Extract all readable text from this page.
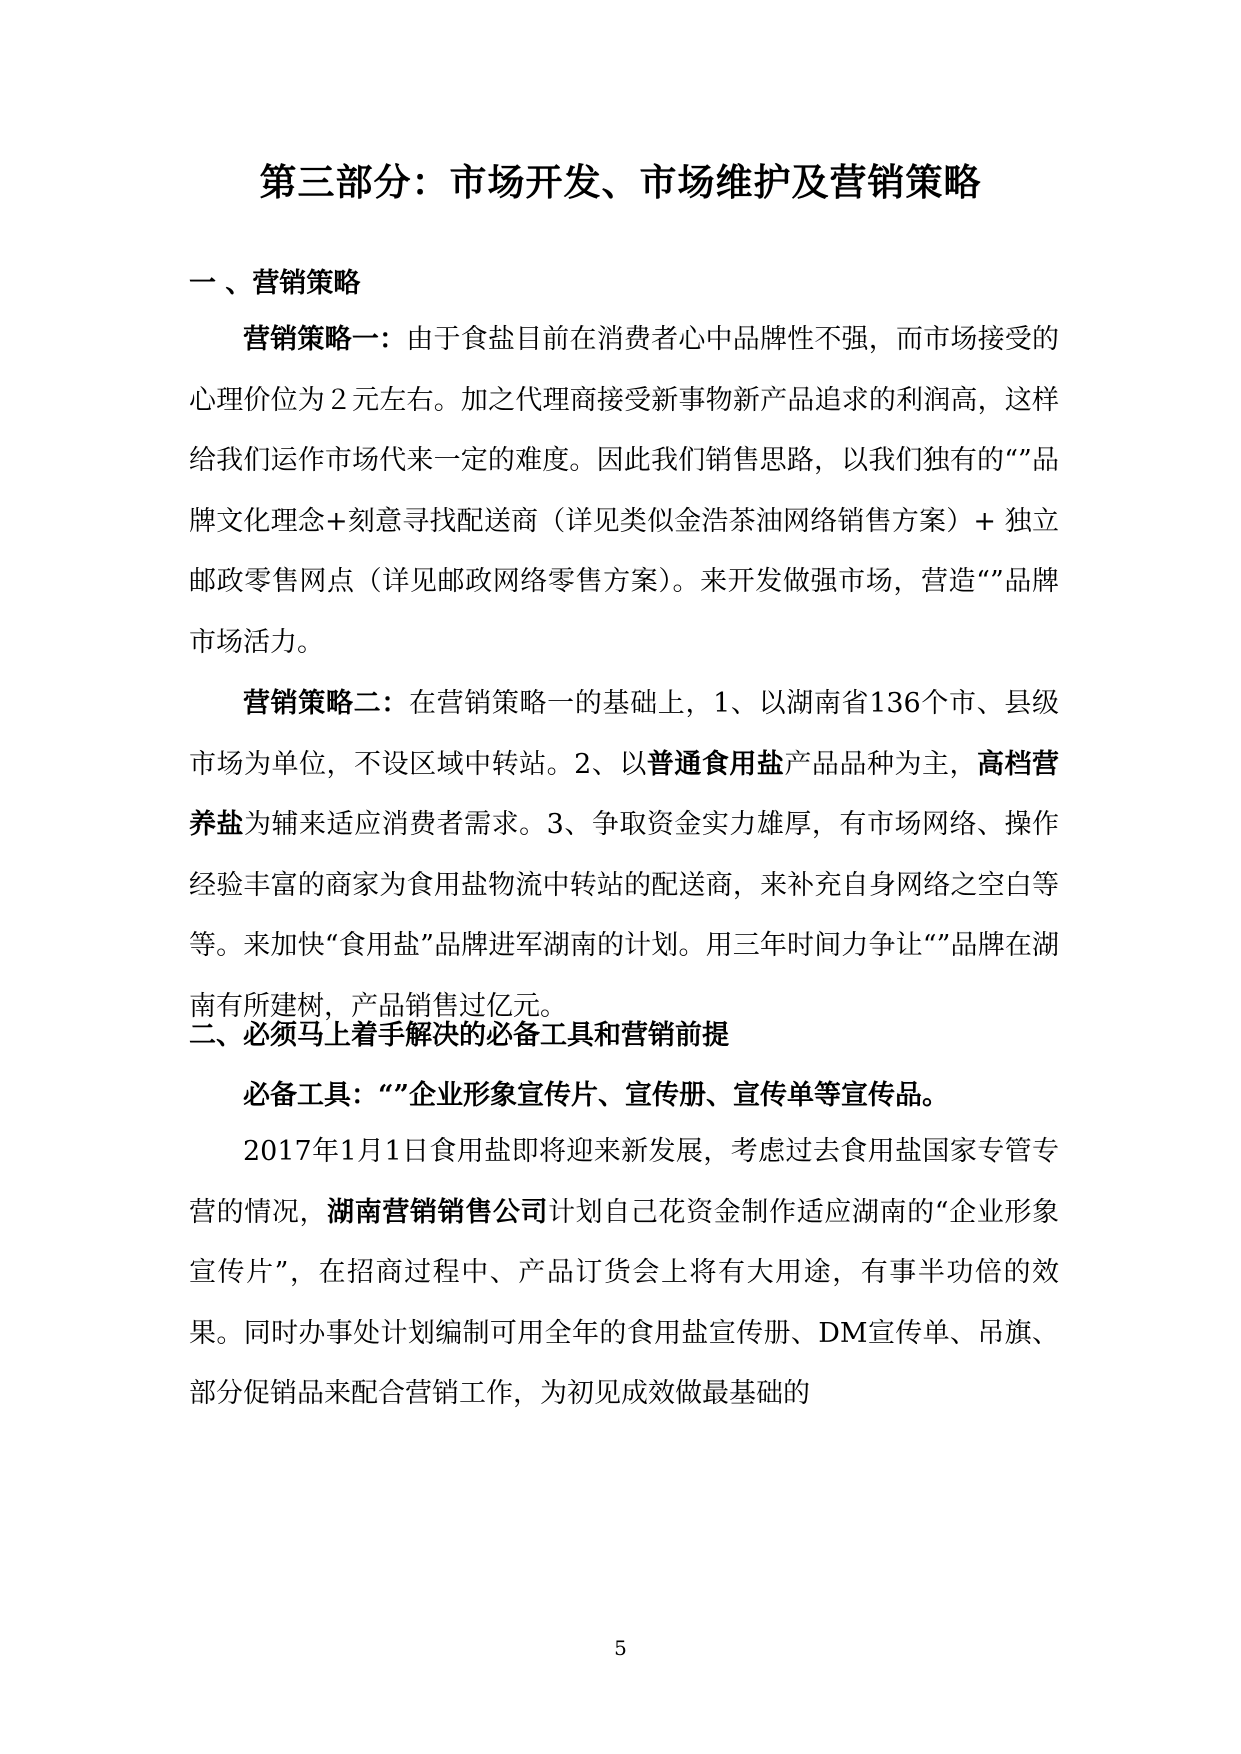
第三部分：市场开发、市场维护及营销策略
一 、营销策略

营销策略一：由于食盐目前在消费者心中品牌性不强，而市场接受的心理价位为２元左右。加之代理商接受新事物新产品追求的利润高，这样给我们运作市场代来一定的难度。因此我们销售思路，以我们独有的“”品牌文化理念+刻意寻找配送商（详见类似金浩茶油网络销售方案）+ 独立邮政零售网点（详见邮政网络零售方案）。来开发做强市场，营造“”品牌市场活力。

营销策略二：在营销策略一的基础上，1、以湖南省136个市、县级市场为单位，不设区域中转站。2、以普通食用盐产品品种为主，高档营养盐为辅来适应消费者需求。3、争取资金实力雄厚，有市场网络、操作经验丰富的商家为食用盐物流中转站的配送商，来补充自身网络之空白等等。来加快“食用盐”品牌进军湖南的计划。用三年时间力争让“”品牌在湖南有所建树，产品销售过亿元。

二、必须马上着手解决的必备工具和营销前提
必备工具：“”企业形象宣传片、宣传册、宣传单等宣传品。

2017年1月1日食用盐即将迎来新发展，考虑过去食用盐国家专管专营的情况，湖南营销销售公司计划自己花资金制作适应湖南的“企业形象宣传片”，在招商过程中、产品订货会上将有大用途，有事半功倍的效果。同时办事处计划编制可用全年的食用盐宣传册、DM宣传单、吊旗、部分促销品来配合营销工作，为初见成效做最基础的

5
